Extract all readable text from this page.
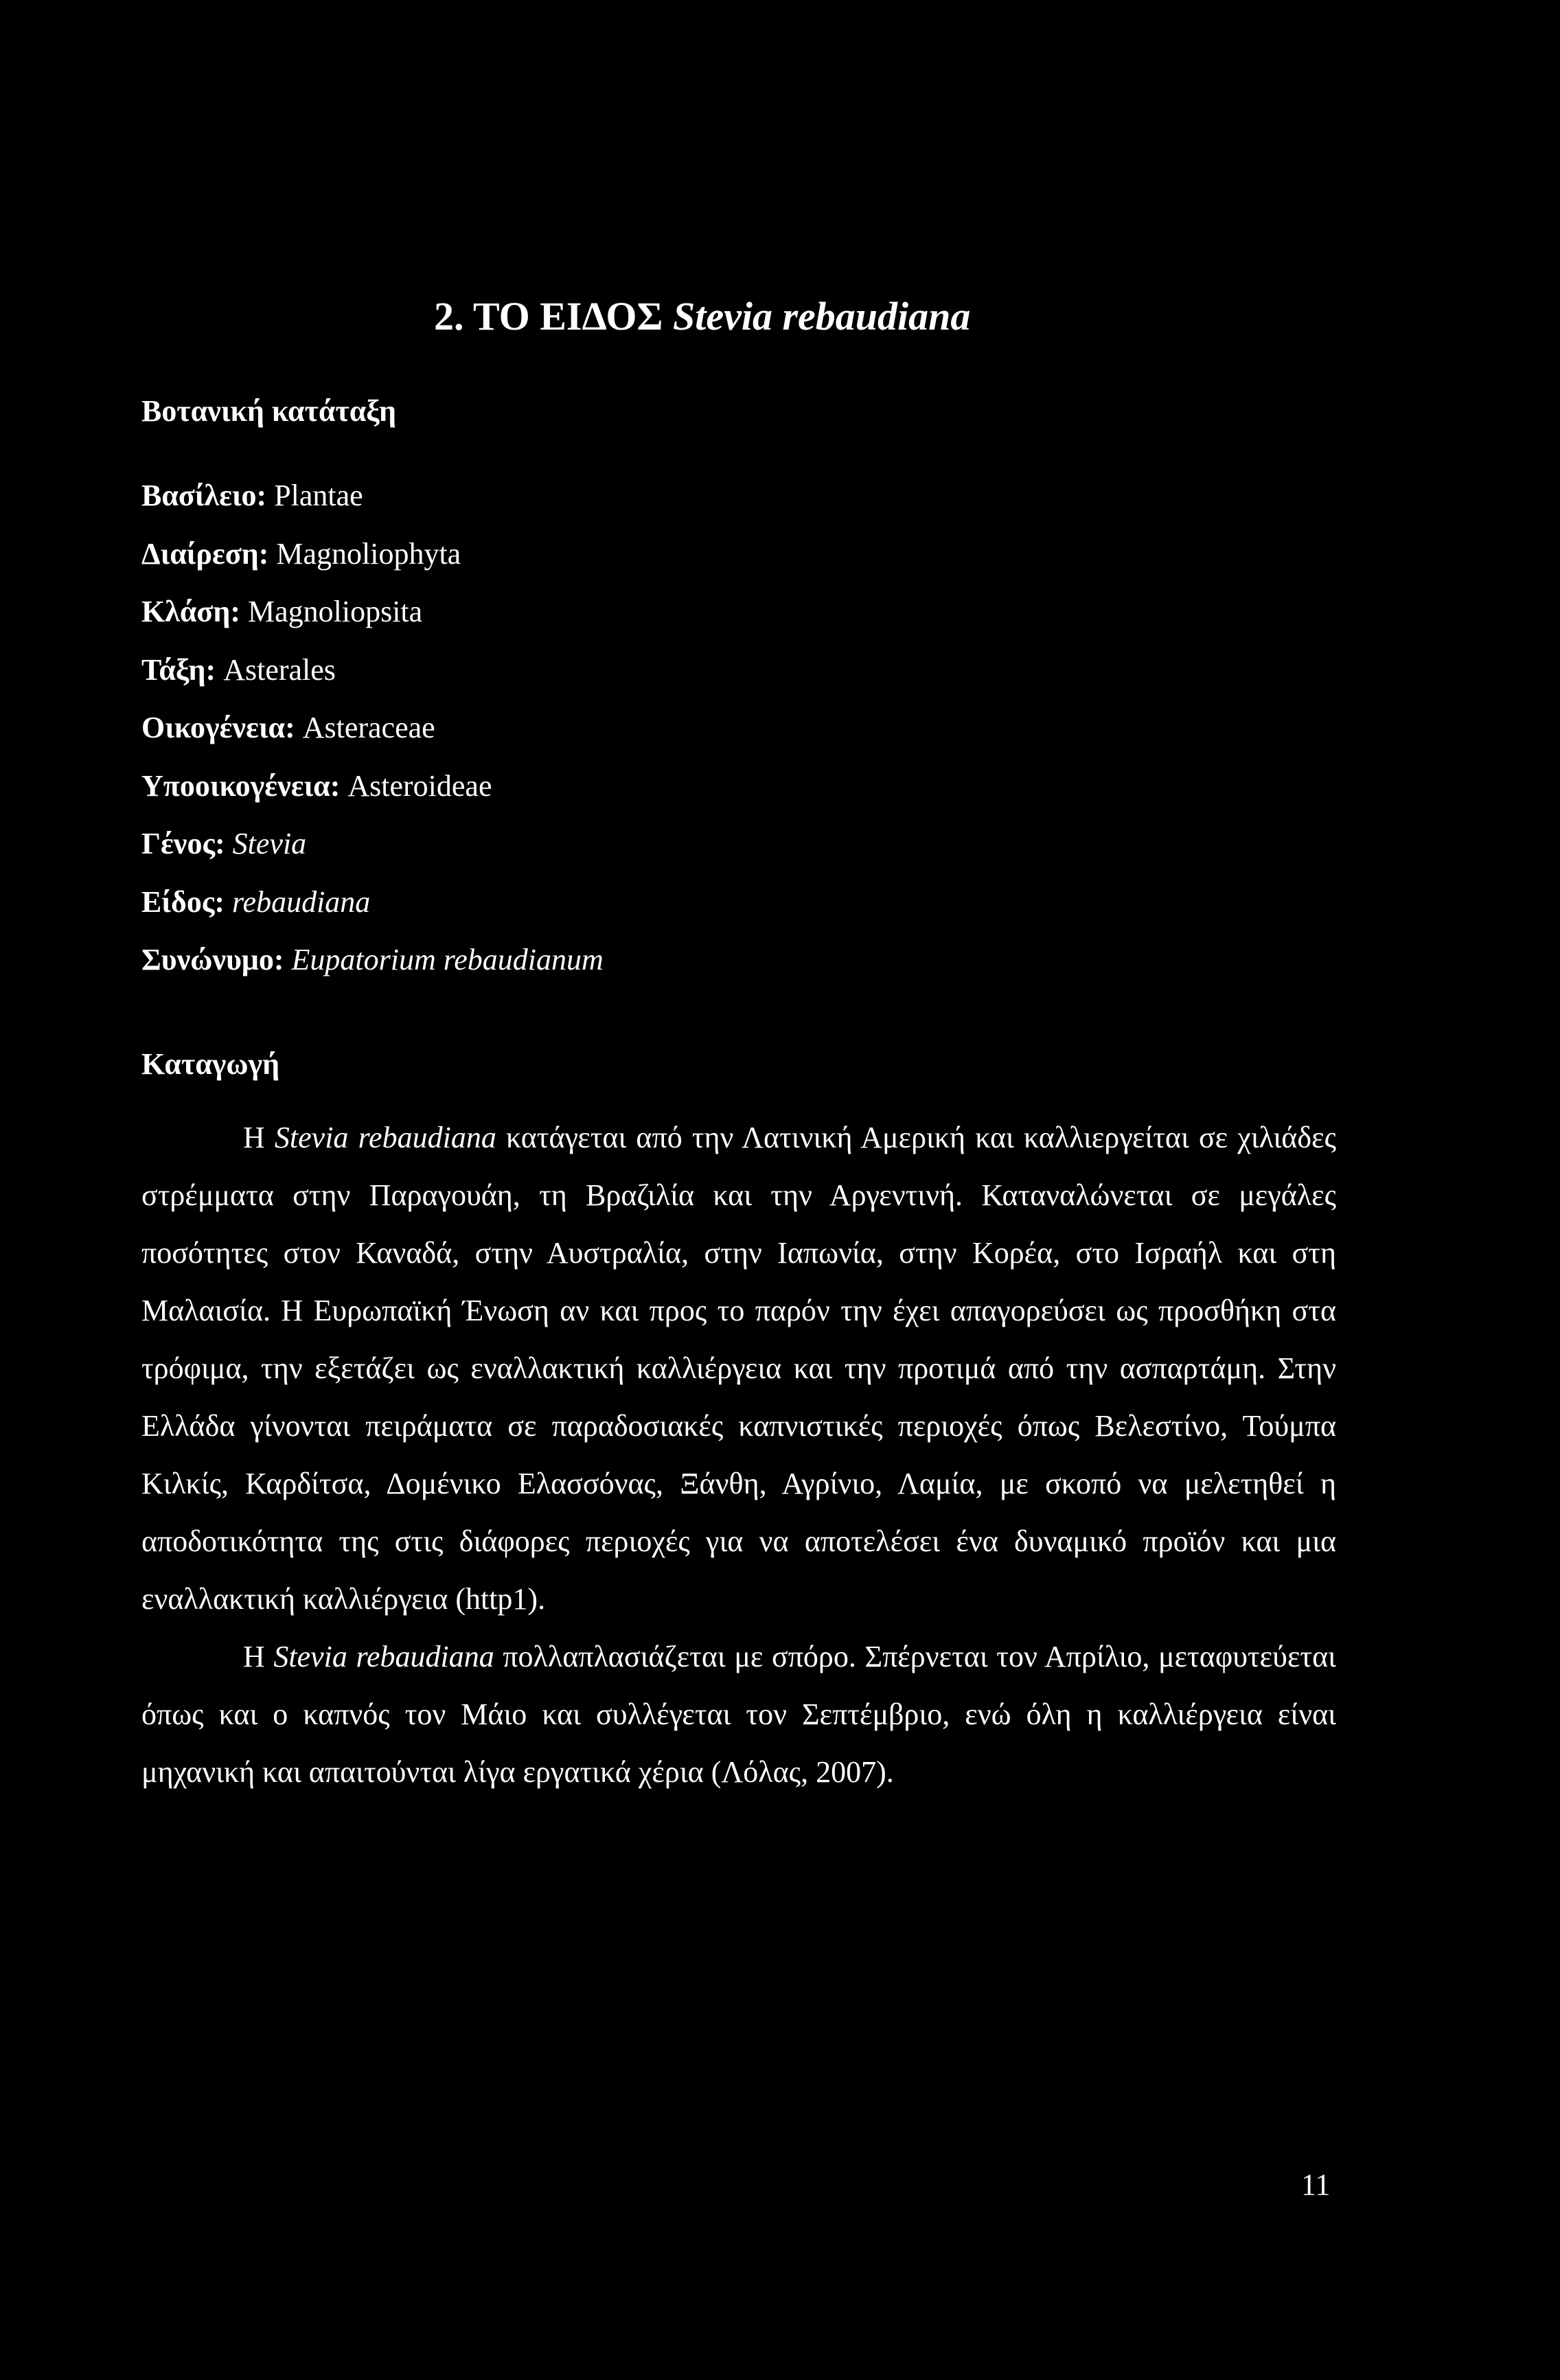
2. ΤΟ ΕΙΔΟΣ Stevia rebaudiana
Βοτανική κατάταξη
Βασίλειο: Plantae
Διαίρεση: Magnoliophyta
Κλάση: Magnoliopsita
Τάξη: Asterales
Οικογένεια: Asteraceae
Υποοικογένεια: Asteroideae
Γένος: Stevia
Είδος: rebaudiana
Συνώνυμο: Eupatorium rebaudianum
Καταγωγή

Η Stevia rebaudiana κατάγεται από την Λατινική Αμερική και καλλιεργείται σε χιλιάδες στρέμματα στην Παραγουάη, τη Βραζιλία και την Αργεντινή. Καταναλώνεται σε μεγάλες ποσότητες στον Καναδά, στην Αυστραλία, στην Ιαπωνία, στην Κορέα, στο Ισραήλ και στη Μαλαισία. Η Ευρωπαϊκή Ένωση αν και προς το παρόν την έχει απαγορεύσει ως προσθήκη στα τρόφιμα, την εξετάζει ως εναλλακτική καλλιέργεια και την προτιμά από την ασπαρτάμη. Στην Ελλάδα γίνονται πειράματα σε παραδοσιακές καπνιστικές περιοχές όπως Βελεστίνο, Τούμπα Κιλκίς, Καρδίτσα, Δομένικο Ελασσόνας, Ξάνθη, Αγρίνιο, Λαμία, με σκοπό να μελετηθεί η αποδοτικότητα της στις διάφορες περιοχές για να αποτελέσει ένα δυναμικό προϊόν και μια εναλλακτική καλλιέργεια (http1).

Η Stevia rebaudiana πολλαπλασιάζεται με σπόρο. Σπέρνεται τον Απρίλιο, μεταφυτεύεται όπως και ο καπνός τον Μάιο και συλλέγεται τον Σεπτέμβριο, ενώ όλη η καλλιέργεια είναι μηχανική και απαιτούνται λίγα εργατικά χέρια (Λόλας, 2007).

11
